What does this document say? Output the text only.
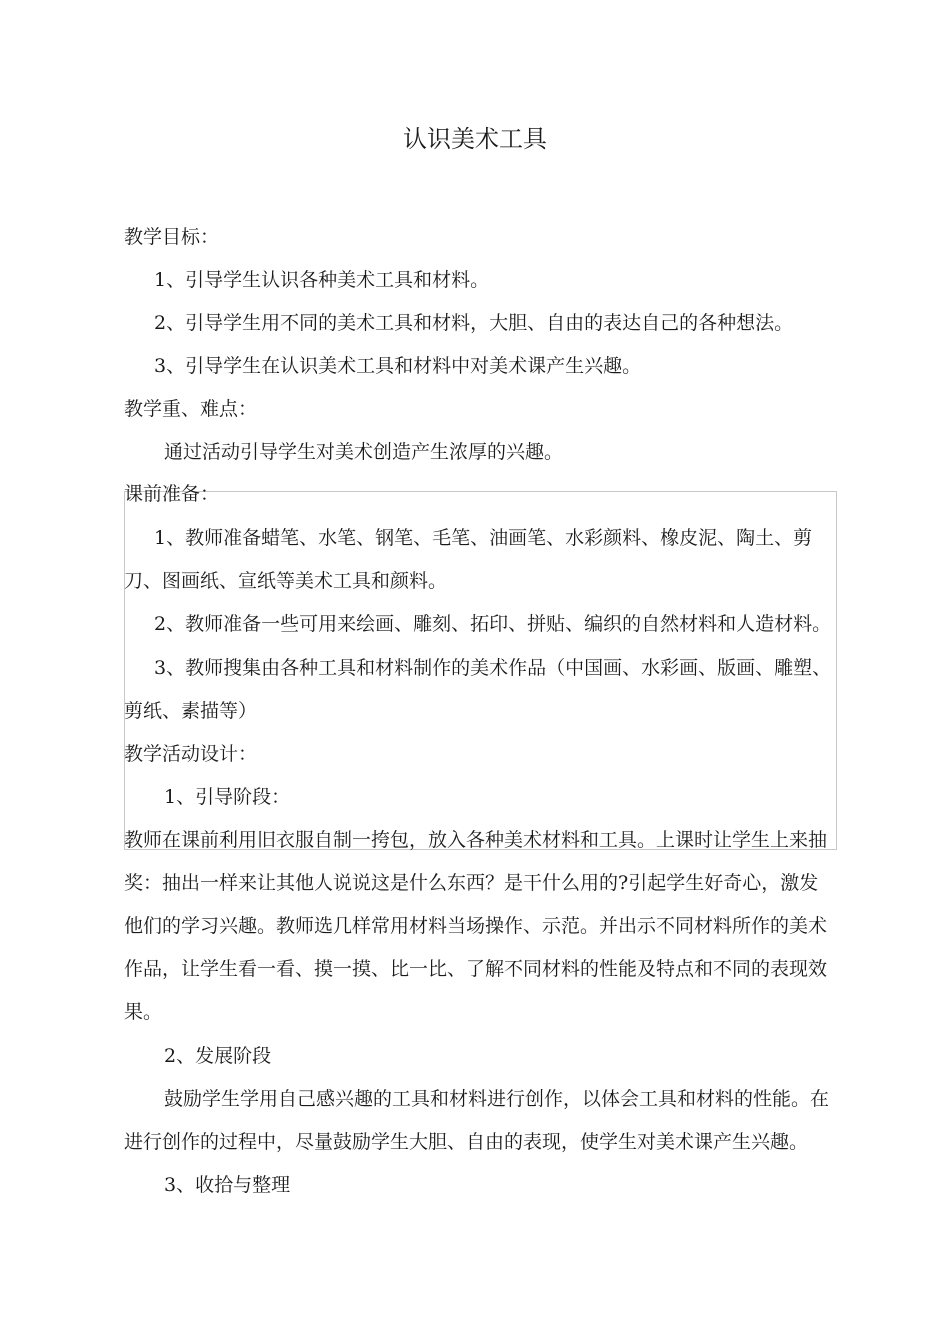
认识美术工具
教学目标：
1、引导学生认识各种美术工具和材料。
2、引导学生用不同的美术工具和材料，大胆、自由的表达自己的各种想法。
3、引导学生在认识美术工具和材料中对美术课产生兴趣。
教学重、难点：
通过活动引导学生对美术创造产生浓厚的兴趣。
课前准备：
1、教师准备蜡笔、水笔、钢笔、毛笔、油画笔、水彩颜料、橡皮泥、陶土、剪
刀、图画纸、宣纸等美术工具和颜料。
2、教师准备一些可用来绘画、雕刻、拓印、拼贴、编织的自然材料和人造材料。
3、教师搜集由各种工具和材料制作的美术作品（中国画、水彩画、版画、雕塑、
剪纸、素描等）
教学活动设计：
1、引导阶段：
教师在课前利用旧衣服自制一挎包，放入各种美术材料和工具。上课时让学生上来抽
奖：抽出一样来让其他人说说这是什么东西？是干什么用的?引起学生好奇心，激发
他们的学习兴趣。教师选几样常用材料当场操作、示范。并出示不同材料所作的美术
作品，让学生看一看、摸一摸、比一比、了解不同材料的性能及特点和不同的表现效
果。
2、发展阶段
鼓励学生学用自己感兴趣的工具和材料进行创作，以体会工具和材料的性能。在
进行创作的过程中，尽量鼓励学生大胆、自由的表现，使学生对美术课产生兴趣。
3、收拾与整理
